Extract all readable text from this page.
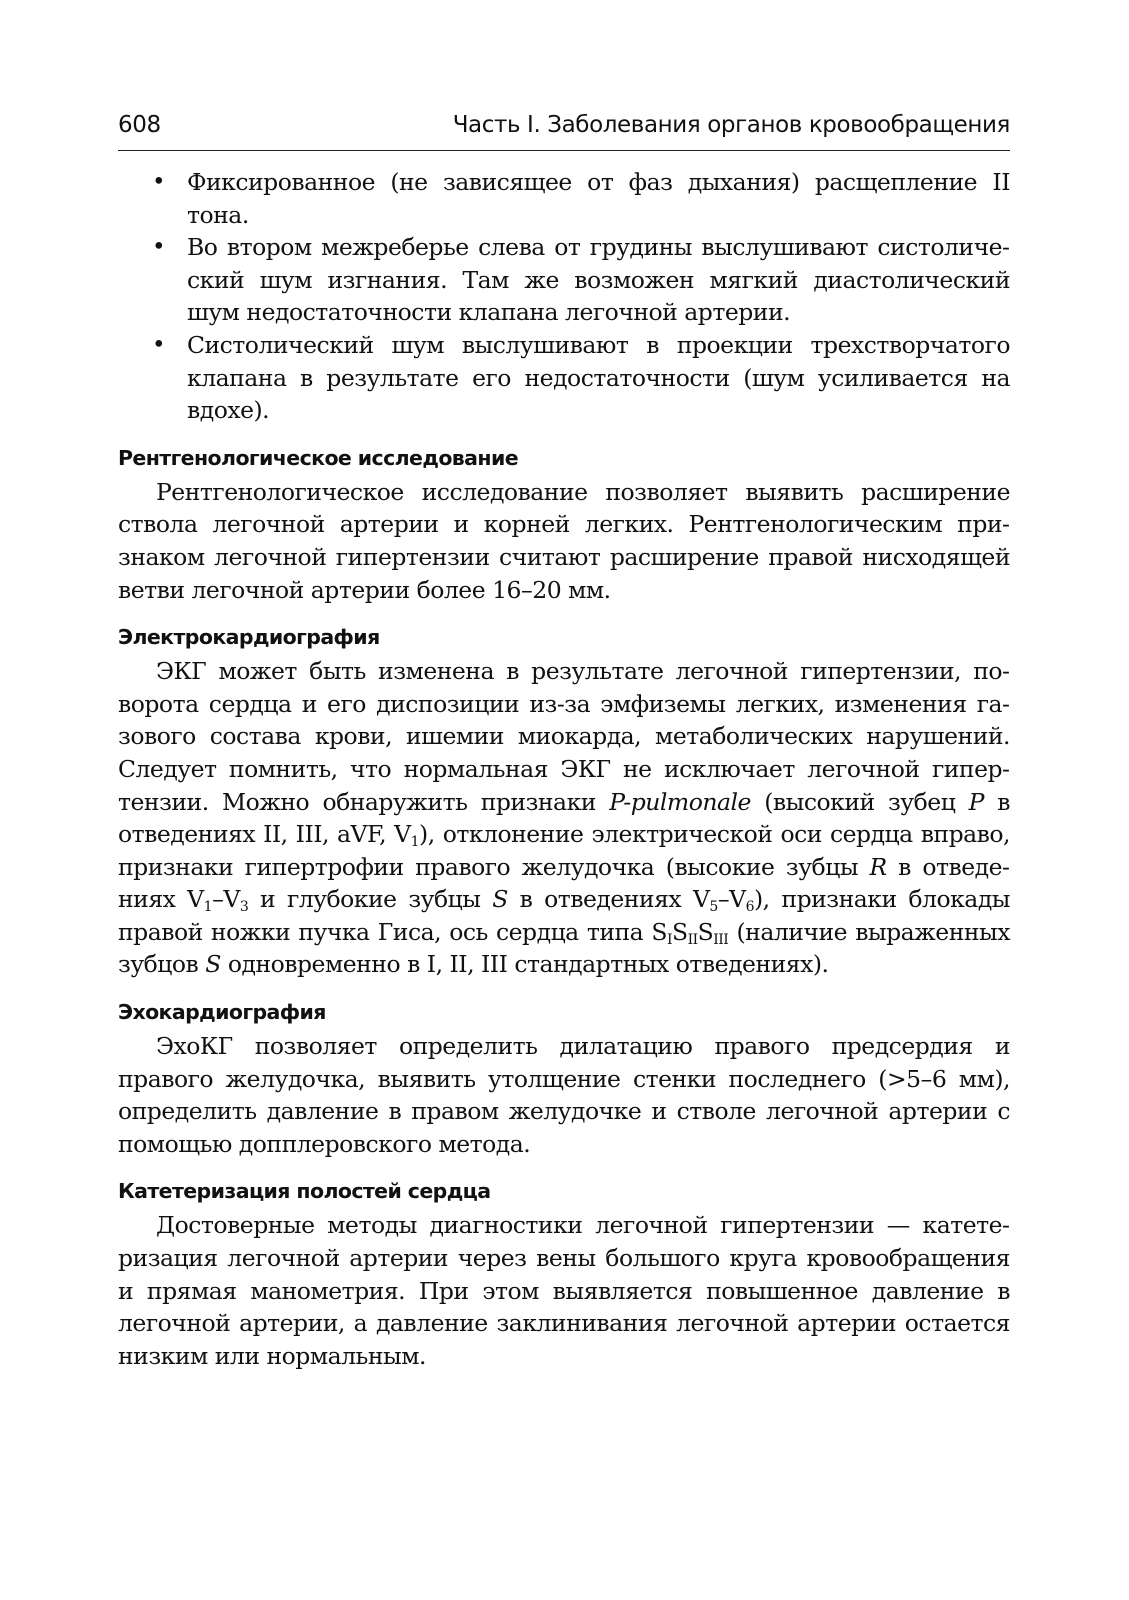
608	Часть I. Заболевания органов кровообращения
• Фиксированное (не зависящее от фаз дыхания) расщепление II тона.
• Во втором межреберье слева от грудины выслушивают систолический шум изгнания. Там же возможен мягкий диастолический шум недостаточности клапана легочной артерии.
• Систолический шум выслушивают в проекции трехстворчатого клапана в результате его недостаточности (шум усиливается на вдохе).
Рентгенологическое исследование

Рентгенологическое исследование позволяет выявить расширение ствола легочной артерии и корней легких. Рентгенологическим признаком легочной гипертензии считают расширение правой нисходящей ветви легочной артерии более 16–20 мм.

Электрокардиография

ЭКГ может быть изменена в результате легочной гипертензии, поворота сердца и его диспозиции из-за эмфиземы легких, изменения газового состава крови, ишемии миокарда, метаболических нарушений. Следует помнить, что нормальная ЭКГ не исключает легочной гипертензии. Можно обнаружить признаки P-pulmonale (высокий зубец P в отведениях II, III, aVF, $V_1$), отклонение электрической оси сердца вправо, признаки гипертрофии правого желудочка (высокие зубцы R в отведениях $V_1-V_3$ и глубокие зубцы S в отведениях $V_5-V_6$), признаки блокады правой ножки пучка Гиса, ось сердца типа $S_IS_{II}S_{III}$ (наличие выраженных зубцов S одновременно в I, II, III стандартных отведениях).

Эхокардиография

ЭхоКГ позволяет определить дилатацию правого предсердия и правого желудочка, выявить утолщение стенки последнего (>5–6 мм), определить давление в правом желудочке и стволе легочной артерии с помощью допплеровского метода.

Катетеризация полостей сердца

Достоверные методы диагностики легочной гипертензии — катетеризация легочной артерии через вены большого круга кровообращения и прямая манометрия. При этом выявляется повышенное давление в легочной артерии, а давление заклинивания легочной артерии остается низким или нормальным.
